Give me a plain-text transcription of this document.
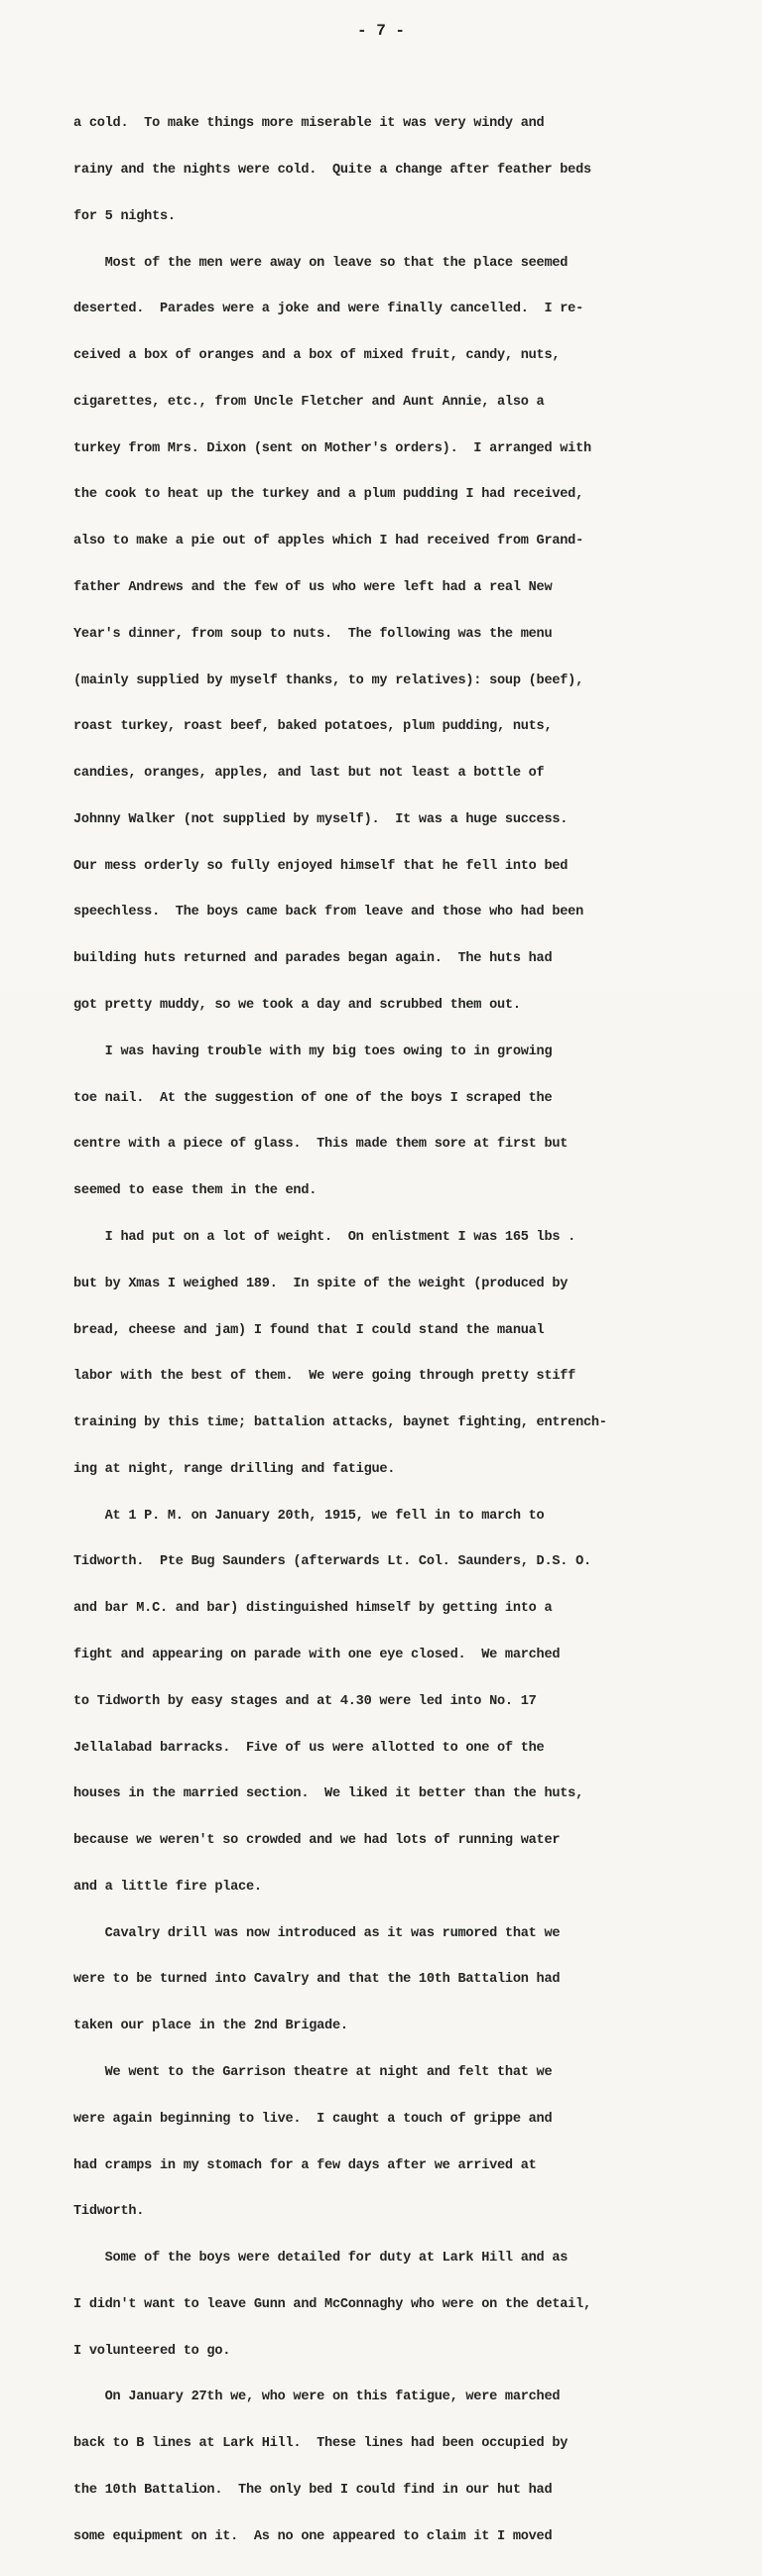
- 7 -

a cold.  To make things more miserable it was very windy and

rainy and the nights were cold.  Quite a change after feather beds

for 5 nights.

Most of the men were away on leave so that the place seemed

deserted.  Parades were a joke and were finally cancelled.  I re-

ceived a box of oranges and a box of mixed fruit, candy, nuts,

cigarettes, etc., from Uncle Fletcher and Aunt Annie, also a

turkey from Mrs. Dixon (sent on Mother's orders).  I arranged with

the cook to heat up the turkey and a plum pudding I had received,

also to make a pie out of apples which I had received from Grand-

father Andrews and the few of us who were left had a real New

Year's dinner, from soup to nuts.  The following was the menu

(mainly supplied by myself thanks, to my relatives): soup (beef),

roast turkey, roast beef, baked potatoes, plum pudding, nuts,

candies, oranges, apples, and last but not least a bottle of

Johnny Walker (not supplied by myself).  It was a huge success.

Our mess orderly so fully enjoyed himself that he fell into bed

speechless.  The boys came back from leave and those who had been

building huts returned and parades began again.  The huts had

got pretty muddy, so we took a day and scrubbed them out.

I was having trouble with my big toes owing to in growing

toe nail.  At the suggestion of one of the boys I scraped the

centre with a piece of glass.  This made them sore at first but

seemed to ease them in the end.

I had put on a lot of weight.  On enlistment I was 165 lbs .

but by Xmas I weighed 189.  In spite of the weight (produced by

bread, cheese and jam) I found that I could stand the manual

labor with the best of them.  We were going through pretty stiff

training by this time; battalion attacks, baynet fighting, entrench-

ing at night, range drilling and fatigue.

At 1 P. M. on January 20th, 1915, we fell in to march to

Tidworth.  Pte Bug Saunders (afterwards Lt. Col. Saunders, D.S. O.

and bar M.C. and bar) distinguished himself by getting into a

fight and appearing on parade with one eye closed.  We marched

to Tidworth by easy stages and at 4.30 were led into No. 17

Jellalabad barracks.  Five of us were allotted to one of the

houses in the married section.  We liked it better than the huts,

because we weren't so crowded and we had lots of running water

and a little fire place.

Cavalry drill was now introduced as it was rumored that we

were to be turned into Cavalry and that the 10th Battalion had

taken our place in the 2nd Brigade.

We went to the Garrison theatre at night and felt that we

were again beginning to live.  I caught a touch of grippe and

had cramps in my stomach for a few days after we arrived at

Tidworth.

Some of the boys were detailed for duty at Lark Hill and as

I didn't want to leave Gunn and McConnaghy who were on the detail,

I volunteered to go.

On January 27th we, who were on this fatigue, were marched

back to B lines at Lark Hill.  These lines had been occupied by

the 10th Battalion.  The only bed I could find in our hut had

some equipment on it.  As no one appeared to claim it I moved
